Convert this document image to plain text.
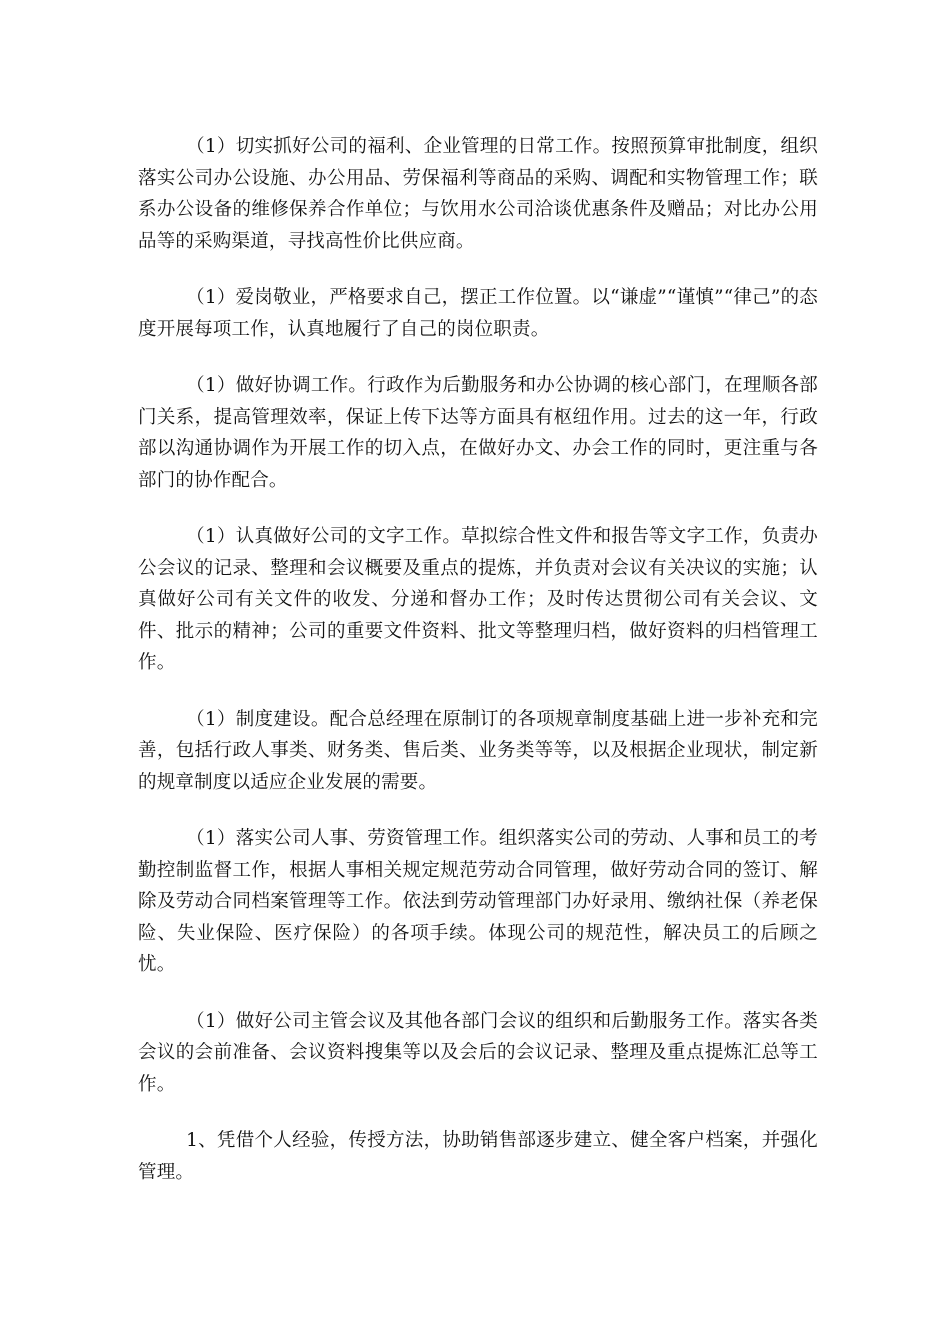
（1）切实抓好公司的福利、企业管理的日常工作。按照预算审批制度，组织落实公司办公设施、办公用品、劳保福利等商品的采购、调配和实物管理工作；联系办公设备的维修保养合作单位；与饮用水公司洽谈优惠条件及赠品；对比办公用品等的采购渠道，寻找高性价比供应商。

（1）爱岗敬业，严格要求自己，摆正工作位置。以“谦虚”“谨慎”“律己”的态度开展每项工作，认真地履行了自己的岗位职责。

（1）做好协调工作。行政作为后勤服务和办公协调的核心部门，在理顺各部门关系，提高管理效率，保证上传下达等方面具有枢纽作用。过去的这一年，行政部以沟通协调作为开展工作的切入点，在做好办文、办会工作的同时，更注重与各部门的协作配合。

（1）认真做好公司的文字工作。草拟综合性文件和报告等文字工作，负责办公会议的记录、整理和会议概要及重点的提炼，并负责对会议有关决议的实施；认真做好公司有关文件的收发、分递和督办工作；及时传达贯彻公司有关会议、文件、批示的精神；公司的重要文件资料、批文等整理归档，做好资料的归档管理工作。

（1）制度建设。配合总经理在原制订的各项规章制度基础上进一步补充和完善，包括行政人事类、财务类、售后类、业务类等等，以及根据企业现状，制定新的规章制度以适应企业发展的需要。

（1）落实公司人事、劳资管理工作。组织落实公司的劳动、人事和员工的考勤控制监督工作，根据人事相关规定规范劳动合同管理，做好劳动合同的签订、解除及劳动合同档案管理等工作。依法到劳动管理部门办好录用、缴纳社保（养老保险、失业保险、医疗保险）的各项手续。体现公司的规范性，解决员工的后顾之忧。

（1）做好公司主管会议及其他各部门会议的组织和后勤服务工作。落实各类会议的会前准备、会议资料搜集等以及会后的会议记录、整理及重点提炼汇总等工作。

1、凭借个人经验，传授方法，协助销售部逐步建立、健全客户档案，并强化管理。
